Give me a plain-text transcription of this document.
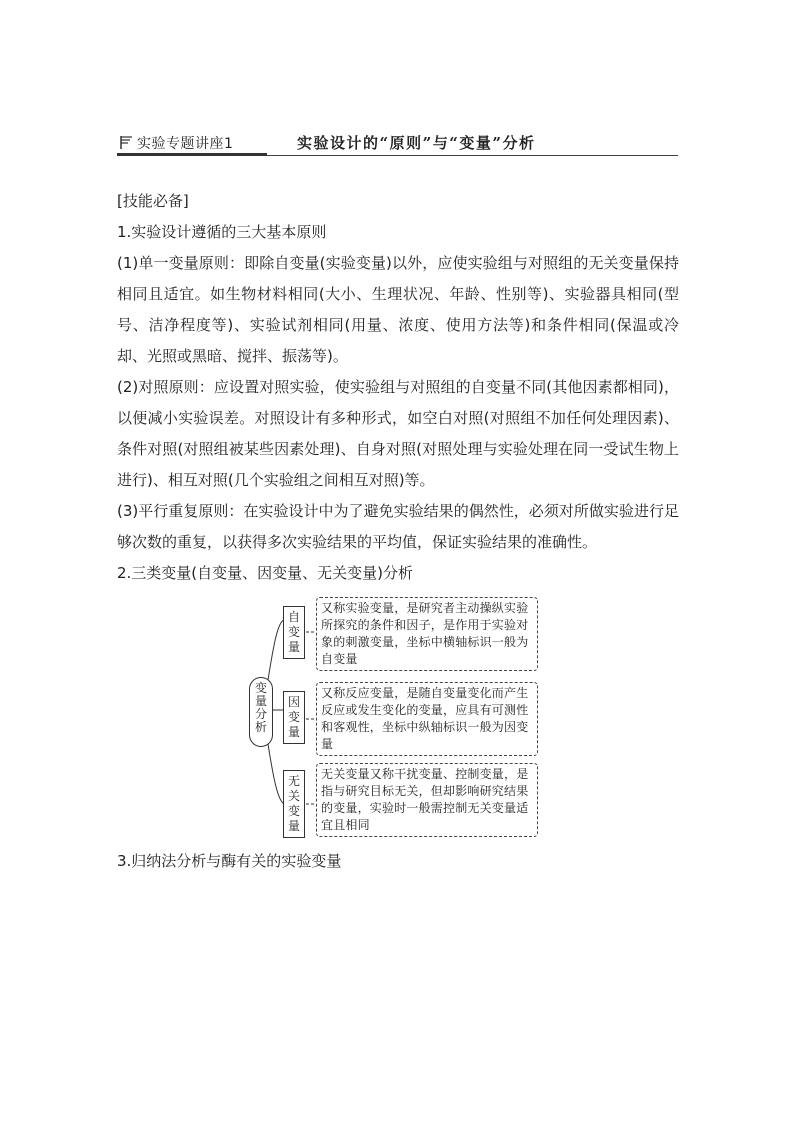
实验专题讲座1	实验设计的“原则”与“变量”分析

[技能必备]

1.实验设计遵循的三大基本原则

(1)单一变量原则：即除自变量(实验变量)以外，应使实验组与对照组的无关变量保持相同且适宜。如生物材料相同(大小、生理状况、年龄、性别等)、实验器具相同(型号、洁净程度等)、实验试剂相同(用量、浓度、使用方法等)和条件相同(保温或冷却、光照或黑暗、搅拌、振荡等)。

(2)对照原则：应设置对照实验，使实验组与对照组的自变量不同(其他因素都相同)，以便减小实验误差。对照设计有多种形式，如空白对照(对照组不加任何处理因素)、条件对照(对照组被某些因素处理)、自身对照(对照处理与实验处理在同一受试生物上进行)、相互对照(几个实验组之间相互对照)等。

(3)平行重复原则：在实验设计中为了避免实验结果的偶然性，必须对所做实验进行足够次数的重复，以获得多次实验结果的平均值，保证实验结果的准确性。

2.三类变量(自变量、因变量、无关变量)分析

变量分析
自变量
又称实验变量，是研究者主动操纵实验所探究的条件和因子，是作用于实验对象的刺激变量，坐标中横轴标识一般为自变量
因变量
又称反应变量，是随自变量变化而产生反应或发生变化的变量，应具有可测性和客观性，坐标中纵轴标识一般为因变量
无关变量
无关变量又称干扰变量、控制变量，是指与研究目标无关，但却影响研究结果的变量，实验时一般需控制无关变量适宜且相同

3.归纳法分析与酶有关的实验变量
